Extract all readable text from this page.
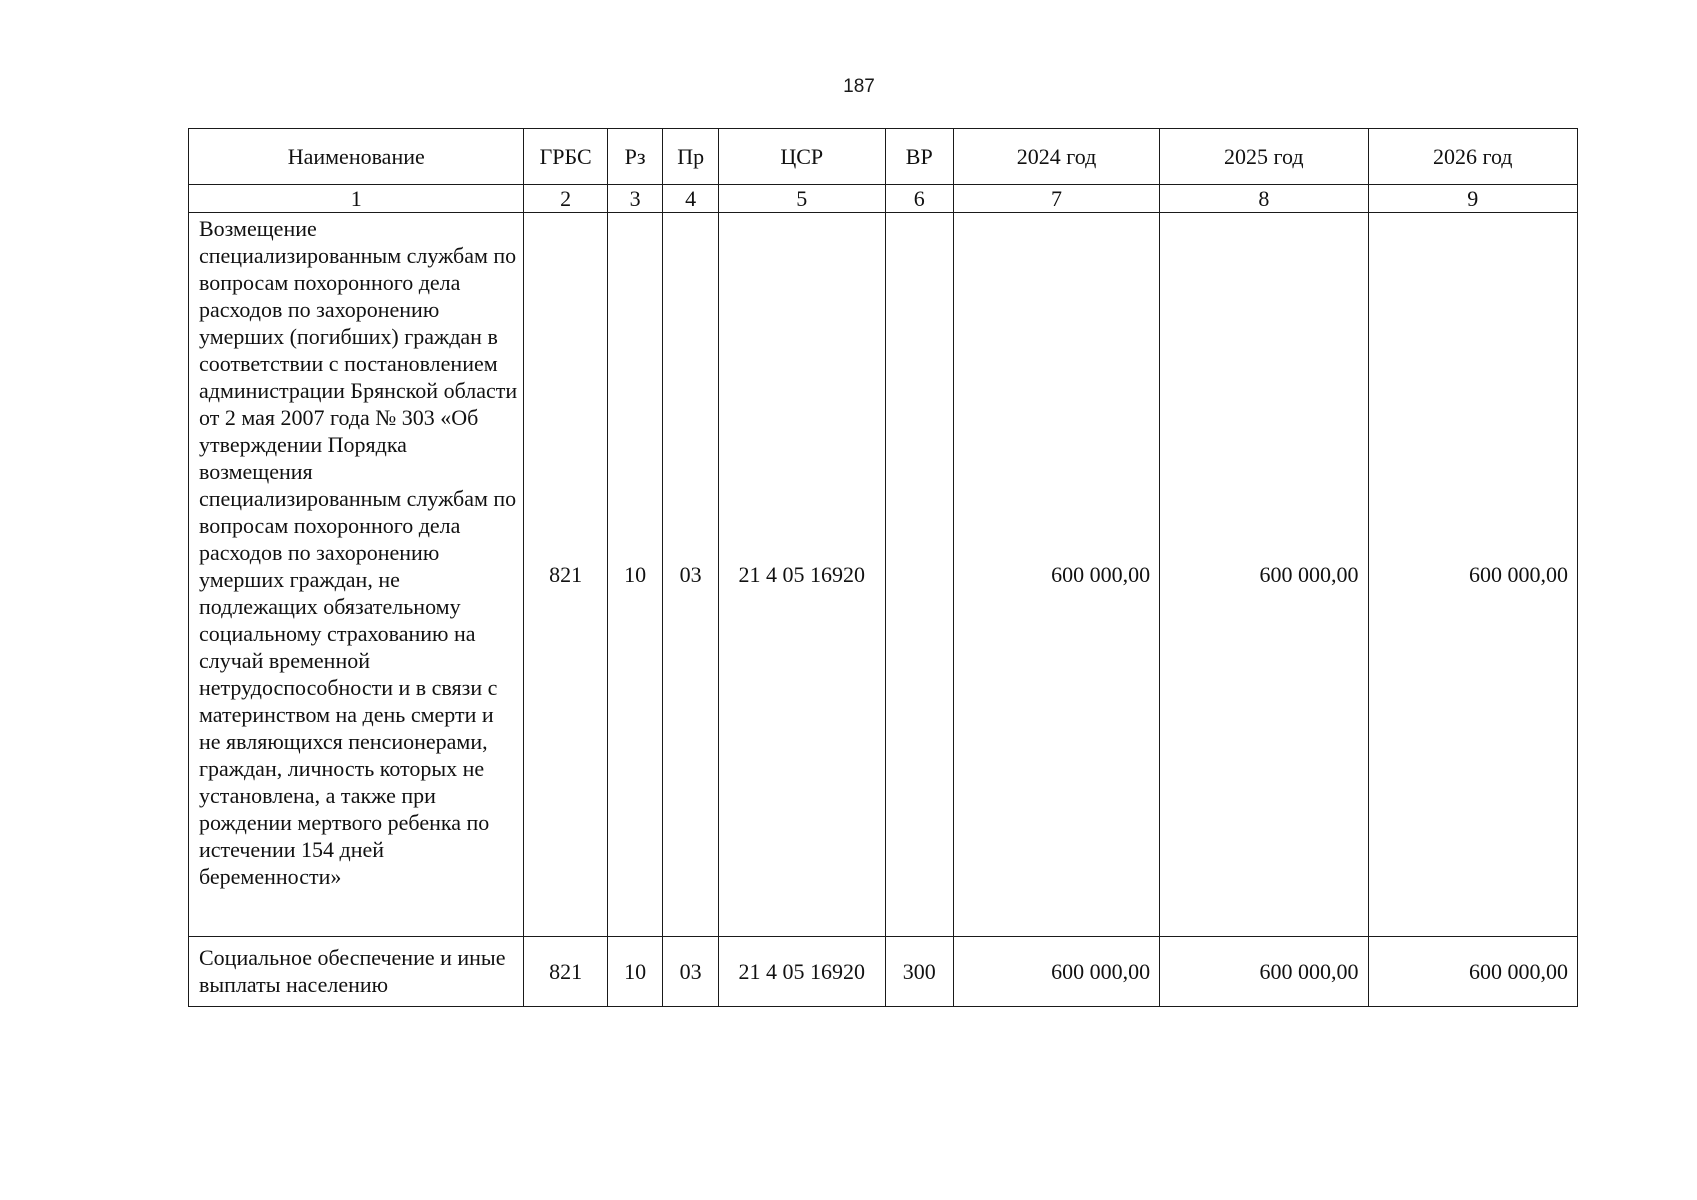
187
Наименование	ГРБС	Рз	Пр	ЦСР	ВР	2024 год	2025 год	2026 год
1	2	3	4	5	6	7	8	9
Возмещение специализированным службам по вопросам похоронного дела расходов по захоронению умерших (погибших) граждан в соответствии с постановлением администрации Брянской области от 2 мая 2007 года № 303 «Об утверждении Порядка возмещения специализированным службам по вопросам похоронного дела расходов по захоронению умерших граждан, не подлежащих обязательному социальному страхованию на случай временной нетрудоспособности и в связи с материнством на день смерти и не являющихся пенсионерами, граждан, личность которых не установлена, а также при рождении мертвого ребенка по истечении 154 дней беременности»	821	10	03	21 4 05 16920		600 000,00	600 000,00	600 000,00
Социальное обеспечение и иные выплаты населению	821	10	03	21 4 05 16920	300	600 000,00	600 000,00	600 000,00
